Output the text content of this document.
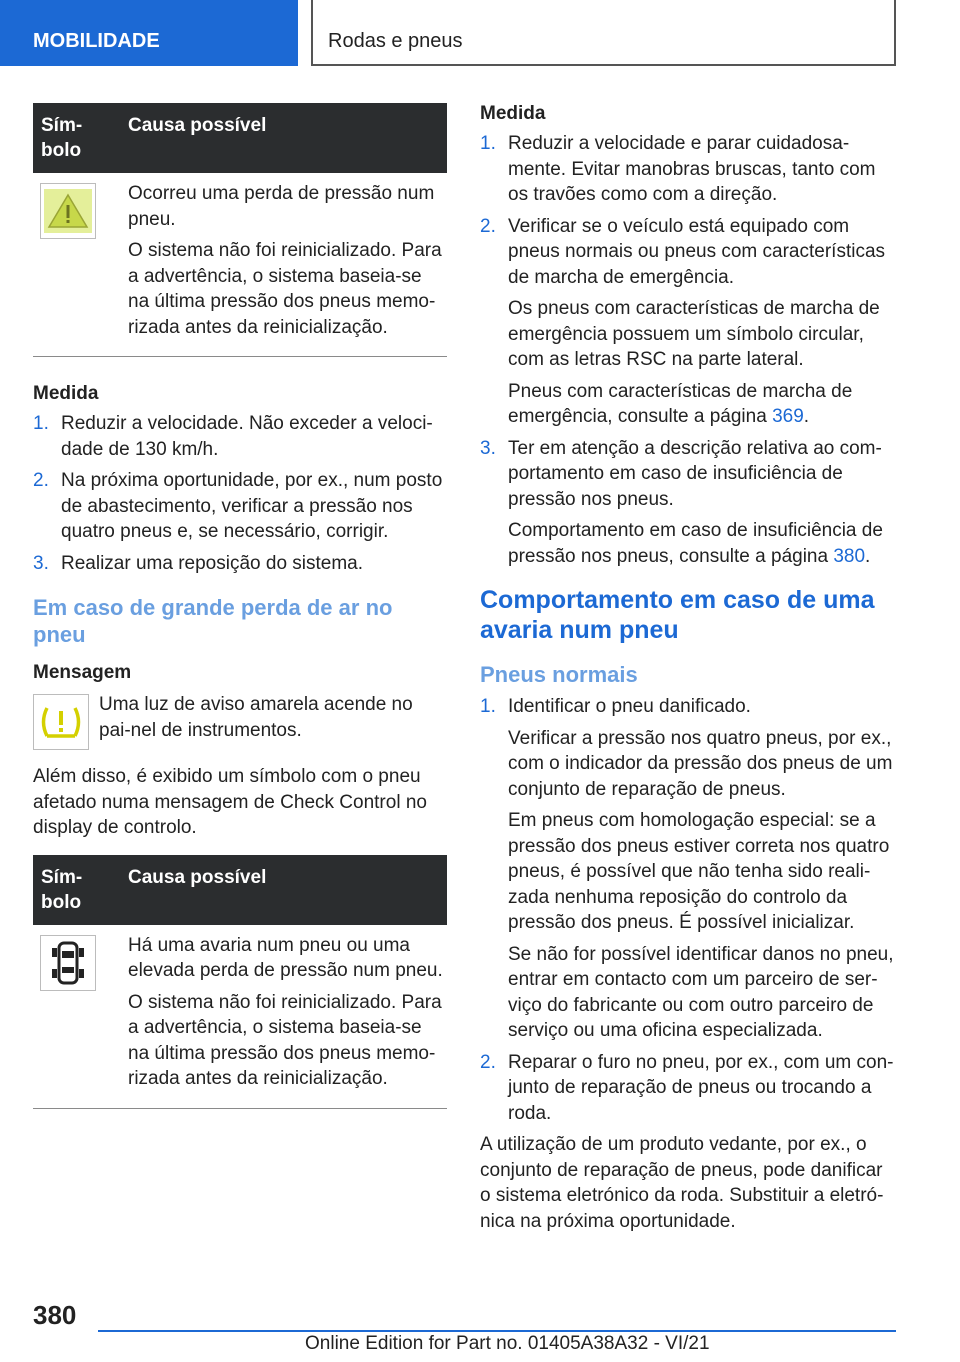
MOBILIDADE	Rodas e pneus
Sím-
bolo
Causa possível

Ocorreu uma perda de pressão num pneu.

O sistema não foi reinicializado. Para a advertência, o sistema baseia-se na última pressão dos pneus memo-rizada antes da reinicialização.

Medida
1. Reduzir a velocidade. Não exceder a veloci-dade de 130 km/h.
2. Na próxima oportunidade, por ex., num posto de abastecimento, verificar a pressão nos quatro pneus e, se necessário, corrigir.
3. Realizar uma reposição do sistema.
Em caso de grande perda de ar no pneu
Mensagem
Uma luz de aviso amarela acende no pai-nel de instrumentos.

Além disso, é exibido um símbolo com o pneu afetado numa mensagem de Check Control no display de controlo.

Sím-
bolo
Causa possível

Há uma avaria num pneu ou uma elevada perda de pressão num pneu.

O sistema não foi reinicializado. Para a advertência, o sistema baseia-se na última pressão dos pneus memo-rizada antes da reinicialização.

Medida
1. Reduzir a velocidade e parar cuidadosa-mente. Evitar manobras bruscas, tanto com os travões como com a direção.
2. Verificar se o veículo está equipado com pneus normais ou pneus com características de marcha de emergência.

Os pneus com características de marcha de emergência possuem um símbolo circular, com as letras RSC na parte lateral.

Pneus com características de marcha de emergência, consulte a página 369.

3. Ter em atenção a descrição relativa ao com-portamento em caso de insuficiência de pressão nos pneus.

Comportamento em caso de insuficiência de pressão nos pneus, consulte a página 380.

Comportamento em caso de uma avaria num pneu
Pneus normais
1. Identificar o pneu danificado.

Verificar a pressão nos quatro pneus, por ex., com o indicador da pressão dos pneus de um conjunto de reparação de pneus.

Em pneus com homologação especial: se a pressão dos pneus estiver correta nos quatro pneus, é possível que não tenha sido reali-zada nenhuma reposição do controlo da pressão dos pneus. É possível inicializar.

Se não for possível identificar danos no pneu, entrar em contacto com um parceiro de ser-viço do fabricante ou com outro parceiro de serviço ou uma oficina especializada.

2. Reparar o furo no pneu, por ex., com um con-junto de reparação de pneus ou trocando a roda.

A utilização de um produto vedante, por ex., o conjunto de reparação de pneus, pode danificar o sistema eletrónico da roda. Substituir a eletró-nica na próxima oportunidade.

380
Online Edition for Part no. 01405A38A32 - VI/21
